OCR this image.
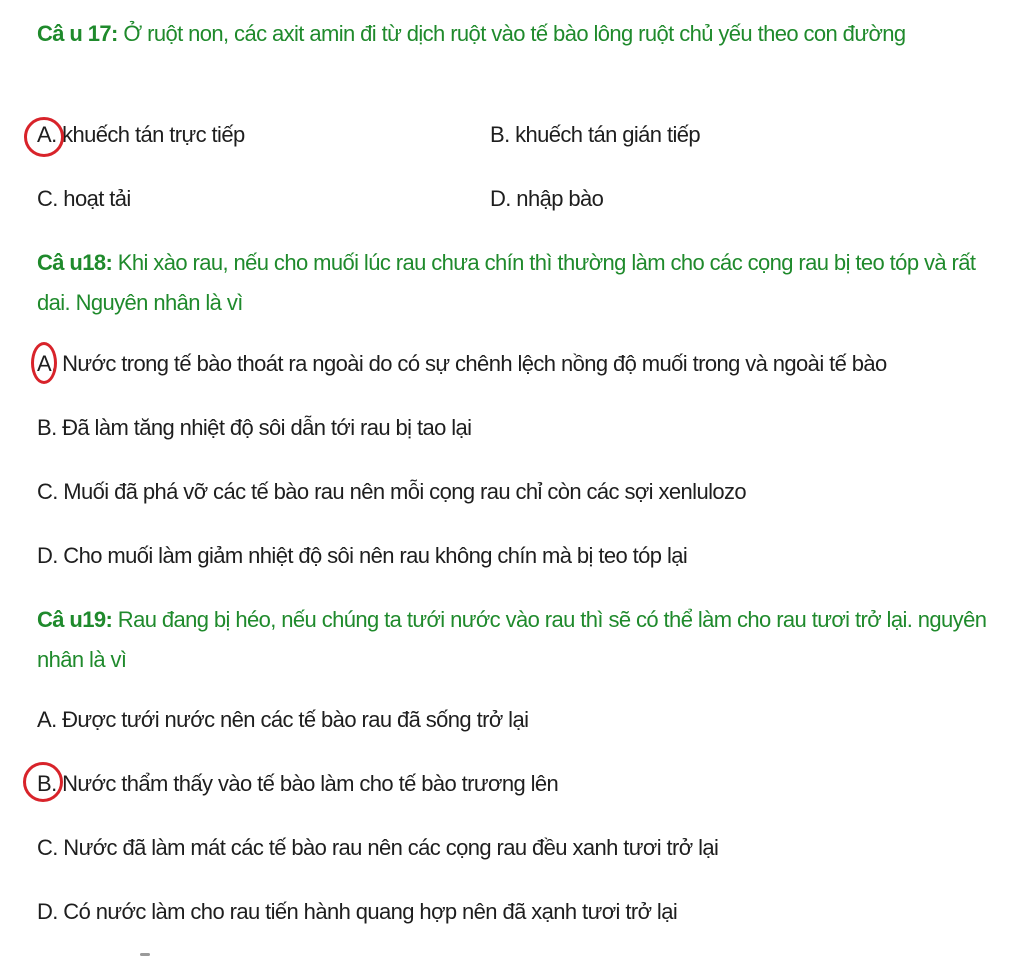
Câ u 17: Ở ruột non, các axit amin đi từ dịch ruột vào tế bào lông ruột chủ yếu theo con đường
A. khuếch tán trực tiếp	B. khuếch tán gián tiếp
C. hoạt tải	D. nhập bào
Câ u18: Khi xào rau, nếu cho muối lúc rau chưa chín thì thường làm cho các cọng rau bị teo tóp và rất dai. Nguyên nhân là vì
A. Nước trong tế bào thoát ra ngoài do có sự chênh lệch nồng độ muối trong và ngoài tế bào
B. Đã làm tăng nhiệt độ sôi dẫn tới rau bị tao lại
C. Muối đã phá vỡ các tế bào rau nên mỗi cọng rau chỉ còn các sợi xenlulozo
D. Cho muối làm giảm nhiệt độ sôi nên rau không chín mà bị teo tóp lại
Câ u19: Rau đang bị héo, nếu chúng ta tưới nước vào rau thì sẽ có thể làm cho rau tươi trở lại. nguyên nhân là vì
A. Được tưới nước nên các tế bào rau đã sống trở lại
B. Nước thẩm thấy vào tế bào làm cho tế bào trương lên
C. Nước đã làm mát các tế bào rau nên các cọng rau đều xanh tươi trở lại
D. Có nước làm cho rau tiến hành quang hợp nên đã xạnh tươi trở lại
